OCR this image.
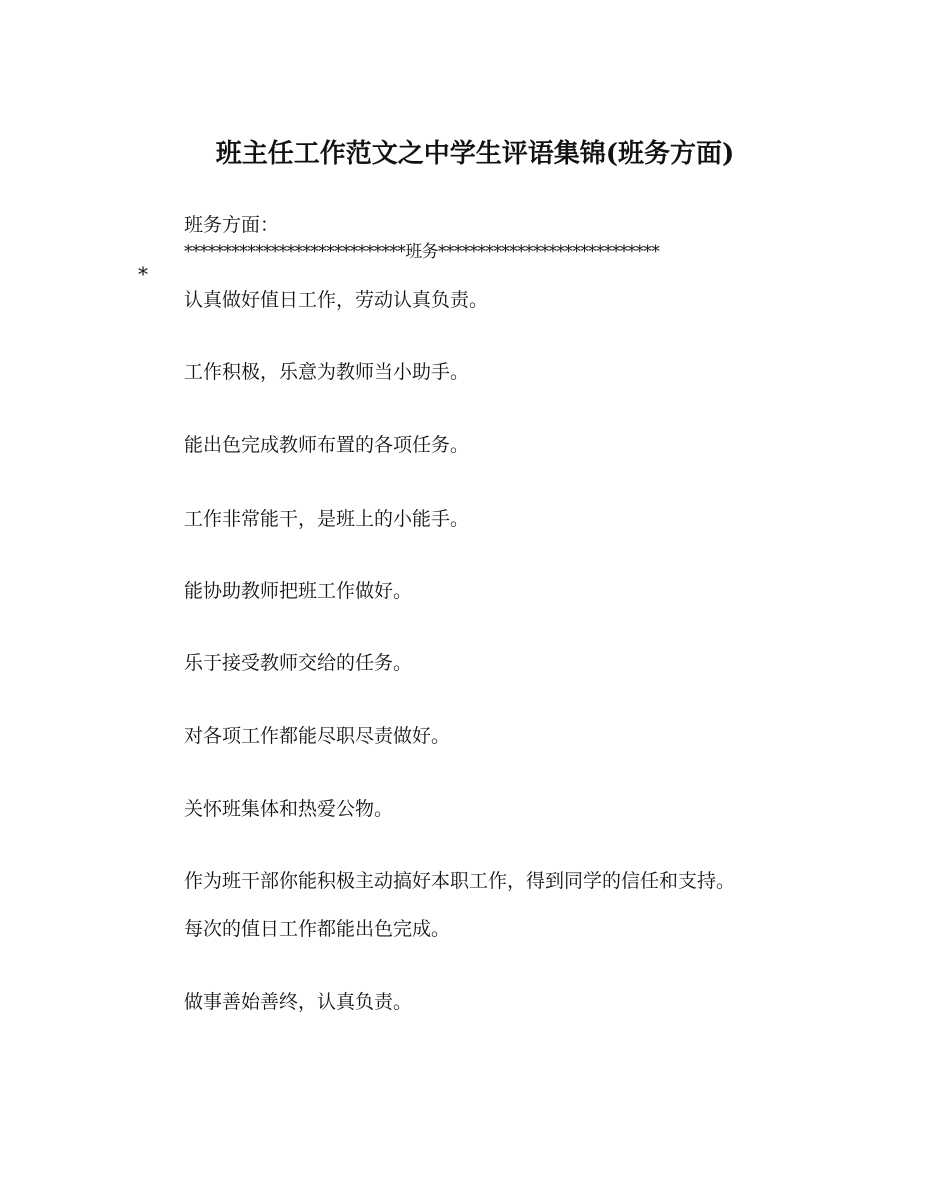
班主任工作范文之中学生评语集锦(班务方面)
班务方面：
****************************班务****************************
*
认真做好值日工作，劳动认真负责。
工作积极，乐意为教师当小助手。
能出色完成教师布置的各项任务。
工作非常能干，是班上的小能手。
能协助教师把班工作做好。
乐于接受教师交给的任务。
对各项工作都能尽职尽责做好。
关怀班集体和热爱公物。
作为班干部你能积极主动搞好本职工作，得到同学的信任和支持。
每次的值日工作都能出色完成。
做事善始善终，认真负责。
